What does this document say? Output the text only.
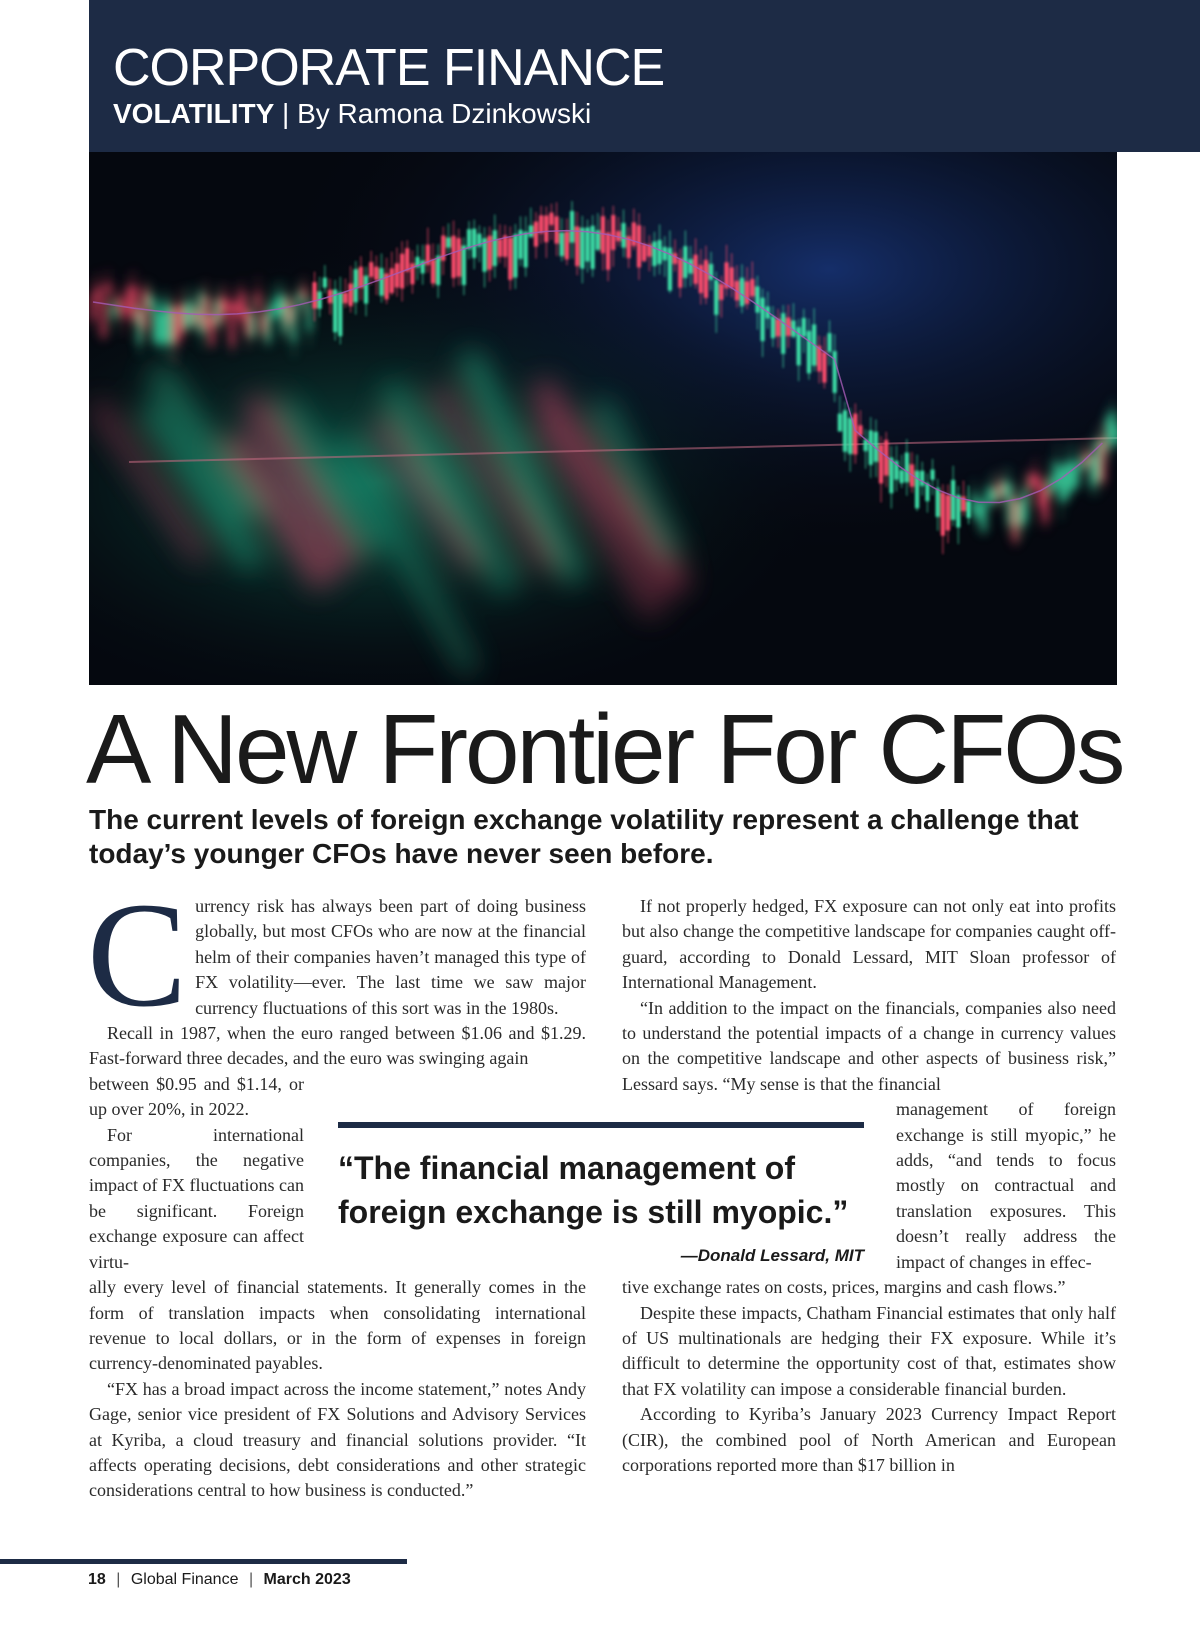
CORPORATE FINANCE
VOLATILITY | By Ramona Dzinkowski
A New Frontier For CFOs

The current levels of foreign exchange volatility represent a challenge that today’s younger CFOs have never seen before.

C urrency risk has always been part of doing business globally, but most CFOs who are now at the financial helm of their companies haven’t managed this type of FX volatility—ever. The last time we saw major currency fluctuations of this sort was in the 1980s.

Recall in 1987, when the euro ranged between $1.06 and $1.29. Fast-forward three decades, and the euro was swinging again

between $0.95 and $1.14, or up over 20%, in 2022.

For international companies, the negative impact of FX fluctuations can be significant. Foreign exchange exposure can affect virtu-

ally every level of financial statements. It generally comes in the form of translation impacts when consolidating international revenue to local dollars, or in the form of expenses in foreign currency-denominated payables.

“FX has a broad impact across the income statement,” notes Andy Gage, senior vice president of FX Solutions and Advisory Services at Kyriba, a cloud treasury and financial solutions provider. “It affects operating decisions, debt considerations and other strategic considerations central to how business is conducted.”

If not properly hedged, FX exposure can not only eat into profits but also change the competitive landscape for companies caught off-guard, according to Donald Lessard, MIT Sloan professor of International Management.

“In addition to the impact on the financials, companies also need to understand the potential impacts of a change in currency values on the competitive landscape and other aspects of business risk,” Lessard says. “My sense is that the financial

management of foreign exchange is still myopic,” he adds, “and tends to focus mostly on contractual and translation exposures. This doesn’t really address the impact of changes in effec-

tive exchange rates on costs, prices, margins and cash flows.”

Despite these impacts, Chatham Financial estimates that only half of US multinationals are hedging their FX exposure. While it’s difficult to determine the opportunity cost of that, estimates show that FX volatility can impose a considerable financial burden.

According to Kyriba’s January 2023 Currency Impact Report (CIR), the combined pool of North American and European corporations reported more than $17 billion in

“The financial management of foreign exchange is still myopic.”

—Donald Lessard, MIT

18 | Global Finance | March 2023
